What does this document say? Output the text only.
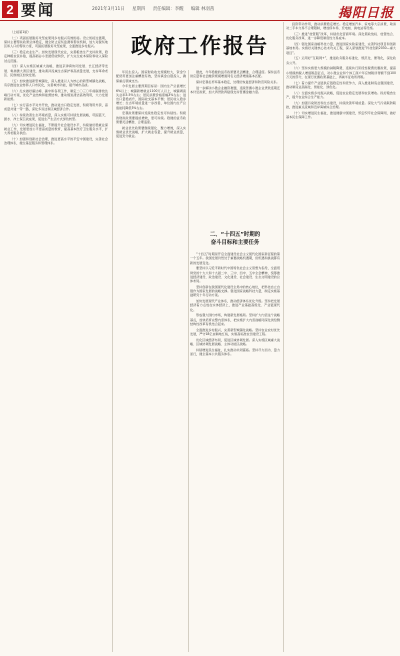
2 要闻	2021年3月11日 星期四 责任编辑：李醒 编辑 林羽茜	揭阳日报
政府工作报告

（上接第1版）

（二）巩固拓展脱贫攻坚成果同乡村振兴有效衔接。设立衔接过渡期，保持主要帮扶政策总体稳定，健全防止返贫监测和帮扶机制，加大对脱贫地区和人口的帮扶力度，巩固拓展脱贫攻坚成果，全面推进乡村振兴。

（三）稳定农业生产。加快发展现代农业，完善粮食生产支持政策，稳定种粮农民补贴，提高稻谷小麦最低收购价，扩大完全成本保险和收入保险试点范围。

（四）深入实施区域重大战略，推进京津冀协同发展、长江经济带发展、粤港澳大湾区建设，推动黄河流域生态保护和高质量发展，支持革命老区、民族地区加快发展。

（五）加快推进新型城镇化，深入推进以人为核心的新型城镇化战略，有序推进农业转移人口市民化，完善城市功能，提升城市品质。

（六）扎实做好碳达峰、碳中和各项工作，制定二〇三〇年前碳排放达峰行动方案，优化产业结构和能源结构，推动煤炭清洁高效利用，大力发展新能源。

（七）实行高水平对外开放，推动进出口稳定发展，积极利用外资，高质量共建一带一路，深化多双边和区域经济合作。

（八）持续改善生态环境质量，深入实施可持续发展战略，巩固蓝天、碧水、净土保卫战成果，促进生产生活方式绿色转型。

（九）切实增进民生福祉，不断提升社会建设水平，持续做好稳就业保就业工作，发展更加公平更高质量的教育，提高基本医疗卫生服务水平，扩大养老服务供给。

（十）加强和创新社会治理，推进更高水平的平安中国建设，完善社会治理体系，健全基层服务和管理体系。

年民生投入。国家财政收支规模较大，资金分配使用更加注重精准有效，坚持真金白银投入，确保重点领域支出。

今年发展主要预期目标是：国内生产总值增长6%以上；城镇新增就业1100万人以上，城镇调查失业率5.5%左右；居民消费价格涨幅3%左右；进出口量稳质升，国际收支基本平衡；居民收入稳步增长；生态环境质量进一步改善，单位国内生产总值能耗降低3%左右。

宏观政策要保持连续性稳定性可持续性。积极的财政政策要提质增效，更可持续。稳健的货币政策要灵活精准、合理适度。

就业优先政策要继续强化、聚力增效，深入实施就业优先战略，扩大就业容量，提升就业质量，促进充分就业。

据此，今年稳健的货币政策要灵活精准、合理适度。保持货币供应量和社会融资规模增速同名义经济增速基本匹配。

保持宏观杠杆率基本稳定，处理好恢复经济和防范风险关系。

进一步解决小微企业融资难题，延续普惠小微企业贷款延期还本付息政策，加大再贷款再贴现支持普惠金融力度。

二、“十四五”时期的
奋斗目标和主要任务

“十四五”时期是开启全面建设社会主义现代化国家新征程的第一个五年。我国发展仍然处于重要战略机遇期，但机遇和挑战都有新的发展变化。

要坚持以习近平新时代中国特色社会主义思想为指导，全面贯彻党的十九大和十九届二中、三中、四中、五中全会精神，统筹推进经济建设、政治建设、文化建设、社会建设、生态文明建设的总体布局。

坚持创新在我国现代化建设全局中的核心地位，把科技自立自强作为国家发展的战略支撑。强化国家战略科技力量，制定实施基础研究十年行动方案。

加快发展现代产业体系，推动经济体系优化升级。坚持把发展经济着力点放在实体经济上，推进产业基础高级化、产业链现代化。

形成强大国内市场，构建新发展格局。坚持扩大内需这个战略基点，加快培育完整内需体系，把实施扩大内需战略同深化供给侧结构性改革有机结合起来。

全面推进乡村振兴，完善新型城镇化战略。坚持农业农村优先发展，严守18亿亩耕地红线，实施高标准农田建设工程。

优化区域经济布局，促进区域协调发展。深入实施区域重大战略、区域协调发展战略、主体功能区战略。

持续增进民生福祉，扎实推动共同富裕。坚持尽力而为、量力而行，健全基本公共服务体系。

投资带动作用，推动消费稳定增长。稳定增加汽车、家电等大宗消费，取消对二手车交易不合理限制，增加停车场、充电桩、换电站等设施。

（三）推进“放管服”改革，持续优化营商环境。深化简政放权、放管结合、优化服务改革，进一步降低制度性交易成本。

（四）强化国家战略科技力量，推进国家实验室建设，完善科技项目和创新基地布局。实施好关键核心技术攻关工程，深入谋划推进“科技创新2030—重大项目”。

（五）运用好“互联网+”，推进政务服务标准化、规范化、便利化，深化政务公开。

（六）坚持实施更大规模的减税降费，延续执行阶段性税费优惠政策，提高小规模纳税人增值税起征点，对小微企业和个体工商户年应纳税所得额不到100万元的部分，在现行优惠政策基础上，再减半征收所得税。

（七）着力提升产业链供应链稳定性和竞争力，深入推进制造业强国建设，推动制造业高端化、智能化、绿色化。

（八）全面实施乡村振兴战略，促进农业稳定发展和农民增收。抓好粮食生产，提升农业综合生产能力。

（九）加强污染防治和生态建设，持续改善环境质量。深化大气污染联防联控，推进重点流域和近岸海域综合治理。

（十）切实增进民生福祉，推进健康中国建设，织密织牢社会保障网，做好基本民生保障工作。
